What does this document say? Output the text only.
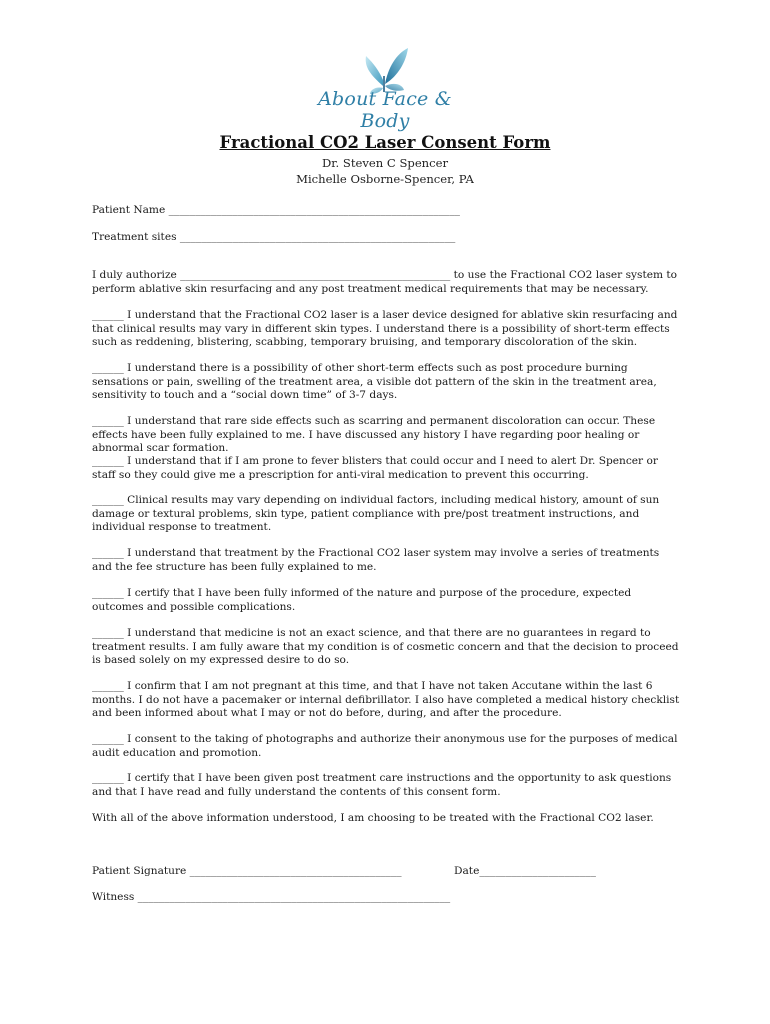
About Face & Body
Fractional CO2 Laser Consent Form
Dr. Steven C Spencer
Michelle Osborne-Spencer, PA
Patient Name _______________________________________________________
Treatment sites ____________________________________________________
I duly authorize ___________________________________________________ to use the Fractional CO2 laser system to perform ablative skin resurfacing and any post treatment medical requirements that may be necessary.
______ I understand that the Fractional CO2 laser is a laser device designed for ablative skin resurfacing and that clinical results may vary in different skin types. I understand there is a possibility of short-term effects such as reddening, blistering, scabbing, temporary bruising, and temporary discoloration of the skin.
______ I understand there is a possibility of other short-term effects such as post procedure burning sensations or pain, swelling of the treatment area, a visible dot pattern of the skin in the treatment area, sensitivity to touch and a “social down time” of 3-7 days.
______ I understand that rare side effects such as scarring and permanent discoloration can occur. These effects have been fully explained to me. I have discussed any history I have regarding poor healing or abnormal scar formation.
______ I understand that if I am prone to fever blisters that could occur and I need to alert Dr. Spencer or staff so they could give me a prescription for anti-viral medication to prevent this occurring.
______ Clinical results may vary depending on individual factors, including medical history, amount of sun damage or textural problems, skin type, patient compliance with pre/post treatment instructions, and individual response to treatment.
______ I understand that treatment by the Fractional CO2 laser system may involve a series of treatments and the fee structure has been fully explained to me.
______ I certify that I have been fully informed of the nature and purpose of the procedure, expected outcomes and possible complications.
______ I understand that medicine is not an exact science, and that there are no guarantees in regard to treatment results. I am fully aware that my condition is of cosmetic concern and that the decision to proceed is based solely on my expressed desire to do so.
______ I confirm that I am not pregnant at this time, and that I have not taken Accutane within the last 6 months. I do not have a pacemaker or internal defibrillator. I also have completed a medical history checklist and been informed about what I may or not do before, during, and after the procedure.
______ I consent to the taking of photographs and authorize their anonymous use for the purposes of medical audit education and promotion.
______ I certify that I have been given post treatment care instructions and the opportunity to ask questions and that I have read and fully understand the contents of this consent form.
With all of the above information understood, I am choosing to be treated with the Fractional CO2 laser.
Patient Signature ________________________________________	Date______________________
Witness ___________________________________________________________
